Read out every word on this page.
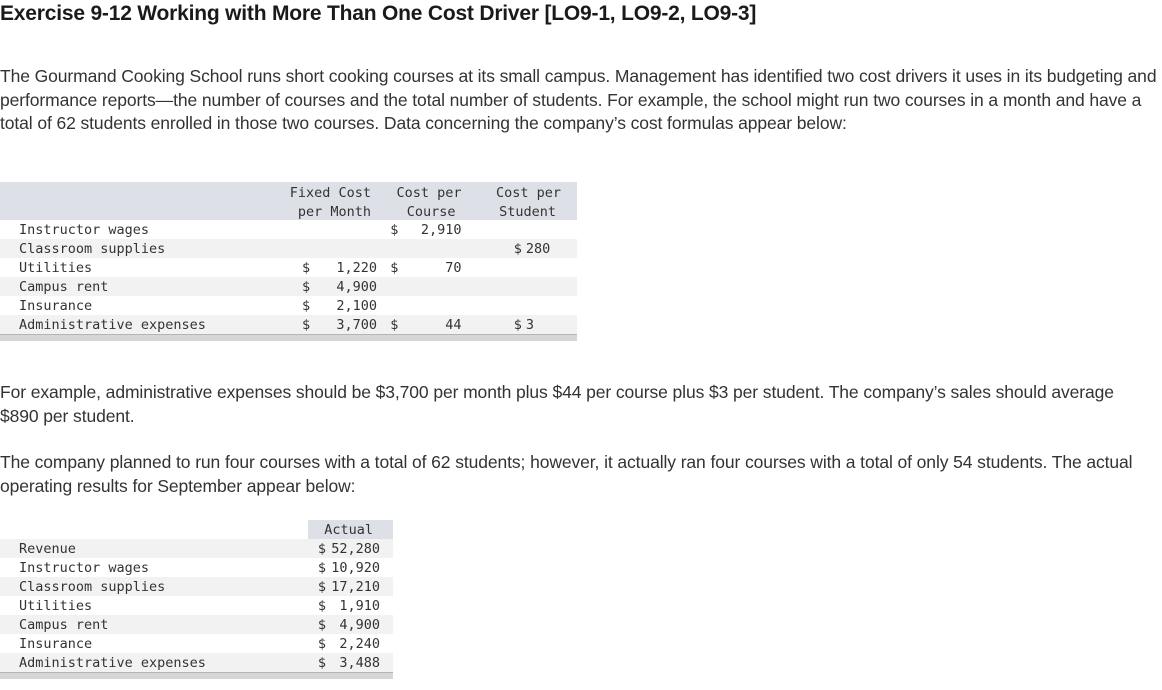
Exercise 9-12 Working with More Than One Cost Driver [LO9-1, LO9-2, LO9-3]

The Gourmand Cooking School runs short cooking courses at its small campus. Management has identified two cost drivers it uses in its budgeting and performance reports—the number of courses and the total number of students. For example, the school might run two courses in a month and have a total of 62 students enrolled in those two courses. Data concerning the company’s cost formulas appear below:

	Fixed Cost		Cost per		Cost per		
	per Month		Course		Student		
Instructor wages			$	2,910			
Classroom supplies						$	280
Utilities	$	1,220	$	70			
Campus rent	$	4,900					
Insurance	$	2,100					
Administrative expenses	$	3,700	$	44		$	3

For example, administrative expenses should be $3,700 per month plus $44 per course plus $3 per student. The company’s sales should average $890 per student.

The company planned to run four courses with a total of 62 students; however, it actually ran four courses with a total of only 54 students. The actual operating results for September appear below:

	Actual		
Revenue	$	52,280	
Instructor wages	$	10,920	
Classroom supplies	$	17,210	
Utilities	$	1,910	
Campus rent	$	4,900	
Insurance	$	2,240	
Administrative expenses	$	3,488	
